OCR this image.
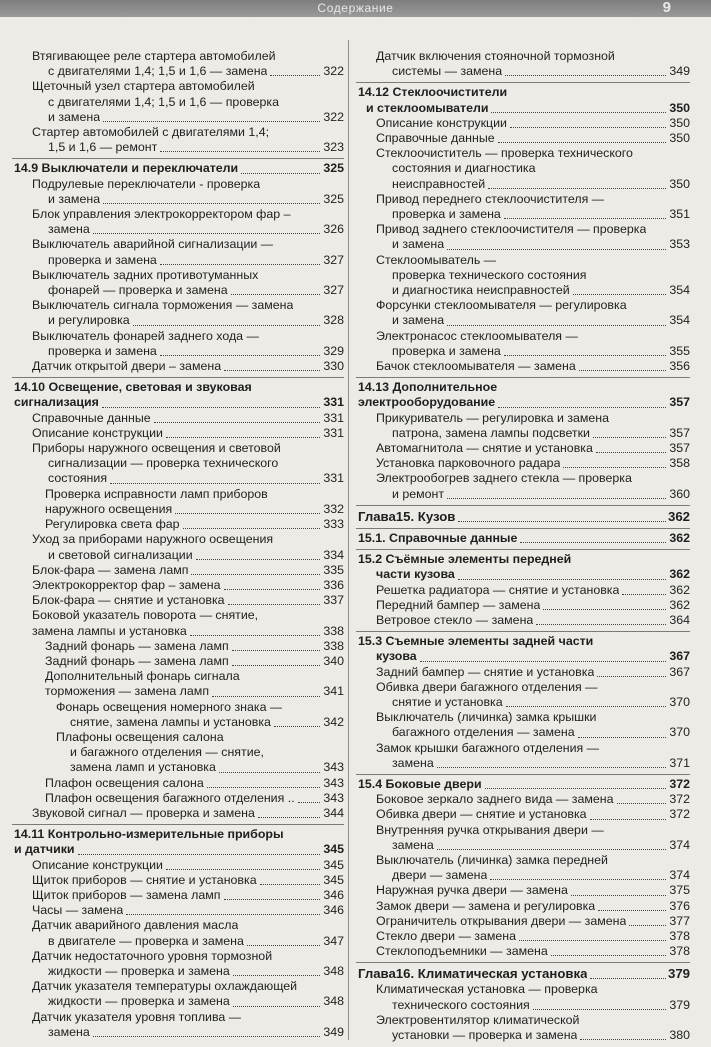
Содержание	9
Втягивающее реле стартера автомобилей
с двигателями 1,4; 1,5 и 1,6 — замена	322
Щеточный узел стартера автомобилей
с двигателями 1,4; 1,5 и 1,6 — проверка
и замена	322
Стартер автомобилей с двигателями 1,4;
1,5 и 1,6 — ремонт	323
14.9 Выключатели и переключатели	325
Подрулевые переключатели - проверка
и замена	325
Блок управления электрокорректором фар –
замена	326
Выключатель аварийной сигнализации —
проверка и замена	327
Выключатель задних противотуманных
фонарей — проверка и замена	327
Выключатель сигнала торможения — замена
и регулировка	328
Выключатель фонарей заднего хода —
проверка и замена	329
Датчик открытой двери – замена	330
14.10 Освещение, световая и звуковая
сигнализация	331
Справочные данные	331
Описание конструкции	331
Приборы наружного освещения и световой
сигнализации — проверка технического
состояния	331
Проверка исправности ламп приборов
наружного освещения	332
Регулировка света фар	333
Уход за приборами наружного освещения
и световой сигнализации	334
Блок-фара — замена ламп	335
Электрокорректор фар – замена	336
Блок-фара — снятие и установка	337
Боковой указатель поворота — снятие,
замена лампы и установка	338
Задний фонарь — замена ламп	338
Задний фонарь — замена ламп	340
Дополнительный фонарь сигнала
торможения — замена ламп	341
Фонарь освещения номерного знака —
снятие, замена лампы и установка	342
Плафоны освещения салона
и багажного отделения — снятие,
замена ламп и установка	343
Плафон освещения салона	343
Плафон освещения багажного отделения .. 343
Звуковой сигнал — проверка и замена	344
14.11 Контрольно-измерительные приборы
и датчики	345
Описание конструкции	345
Щиток приборов — снятие и установка	345
Щиток приборов — замена ламп	346
Часы — замена	346
Датчик аварийного давления масла
в двигателе — проверка и замена	347
Датчик недостаточного уровня тормозной
жидкости — проверка и замена	348
Датчик указателя температуры охлаждающей
жидкости — проверка и замена	348
Датчик указателя уровня топлива —
замена	349
Датчик включения стояночной тормозной
системы — замена	349
14.12 Стеклоочистители
и стеклоомыватели	350
Описание конструкции	350
Справочные данные	350
Стеклоочиститель — проверка технического
состояния и диагностика
неисправностей	350
Привод переднего стеклоочистителя —
проверка и замена	351
Привод заднего стеклоочистителя — проверка
и замена	353
Стеклоомыватель —
проверка технического состояния
и диагностика неисправностей	354
Форсунки стеклоомывателя — регулировка
и замена	354
Электронасос стеклоомывателя —
проверка и замена	355
Бачок стеклоомывателя — замена	356
14.13 Дополнительное
электрооборудование	357
Прикуриватель — регулировка и замена
патрона, замена лампы подсветки	357
Автомагнитола — снятие и установка	357
Установка парковочного радара	358
Электрообогрев заднего стекла — проверка
и ремонт	360
Глава15. Кузов	362
15.1. Справочные данные	362
15.2 Съёмные элементы передней
части кузова	362
Решетка радиатора — снятие и установка	362
Передний бампер — замена	362
Ветровое стекло — замена	364
15.3 Съемные элементы задней части
кузова	367
Задний бампер — снятие и установка	367
Обивка двери багажного отделения —
снятие и установка	370
Выключатель (личинка) замка крышки
багажного отделения — замена	370
Замок крышки багажного отделения —
замена	371
15.4 Боковые двери	372
Боковое зеркало заднего вида — замена	372
Обивка двери — снятие и установка	372
Внутренняя ручка открывания двери —
замена	374
Выключатель (личинка) замка передней
двери — замена	374
Наружная ручка двери — замена	375
Замок двери — замена и регулировка	376
Ограничитель открывания двери — замена	377
Стекло двери — замена	378
Стеклоподъемники — замена	378
Глава16. Климатическая установка	379
Климатическая установка — проверка
технического состояния	379
Электровентилятор климатической
установки — проверка и замена	380
